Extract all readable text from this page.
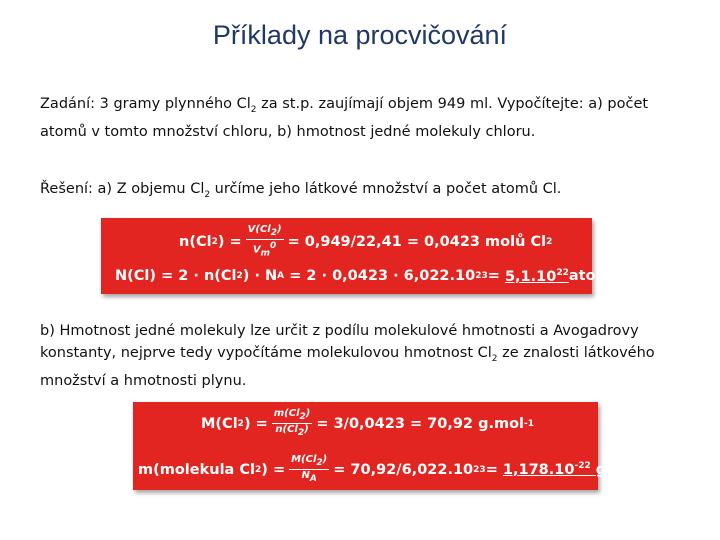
Příklady na procvičování
Zadání: 3 gramy plynného $Cl_2$ za st.p. zaujímají objem 949 ml. Vypočítejte: a) počet atomů v tomto množství chloru, b) hmotnost jedné molekuly chloru.
Řešení: a) Z objemu $Cl_2$ určíme jeho látkové množství a počet atomů Cl.
n(Cl 2 ) = $\frac{V(Cl_2)}{V_m^0} = 0,949/22,41 = 0,0423$ molů Cl 2
N(Cl) = 2 · n(Cl 2 ) · N A
= 2 · 0,0423 · 6,022.10 23 =
5,1.10$^{22}$ atomů Cl
b) Hmotnost jedné molekuly lze určit z podílu molekulové hmotnosti a Avogadrovy konstanty, nejprve tedy vypočítáme molekulovou hmotnost $Cl_2$ ze znalosti látkového množství a hmotnosti plynu.
M(Cl 2 ) = $\frac{m(Cl_2)}{n(Cl_2)} = 3/0,0423 = 70,92$ g.mol -1
m(molekula Cl 2 ) = $\frac{M(Cl_2)}{N_A} = 70,92/6,022.10$ 23 =
$1,178.10^{-22}$ g
